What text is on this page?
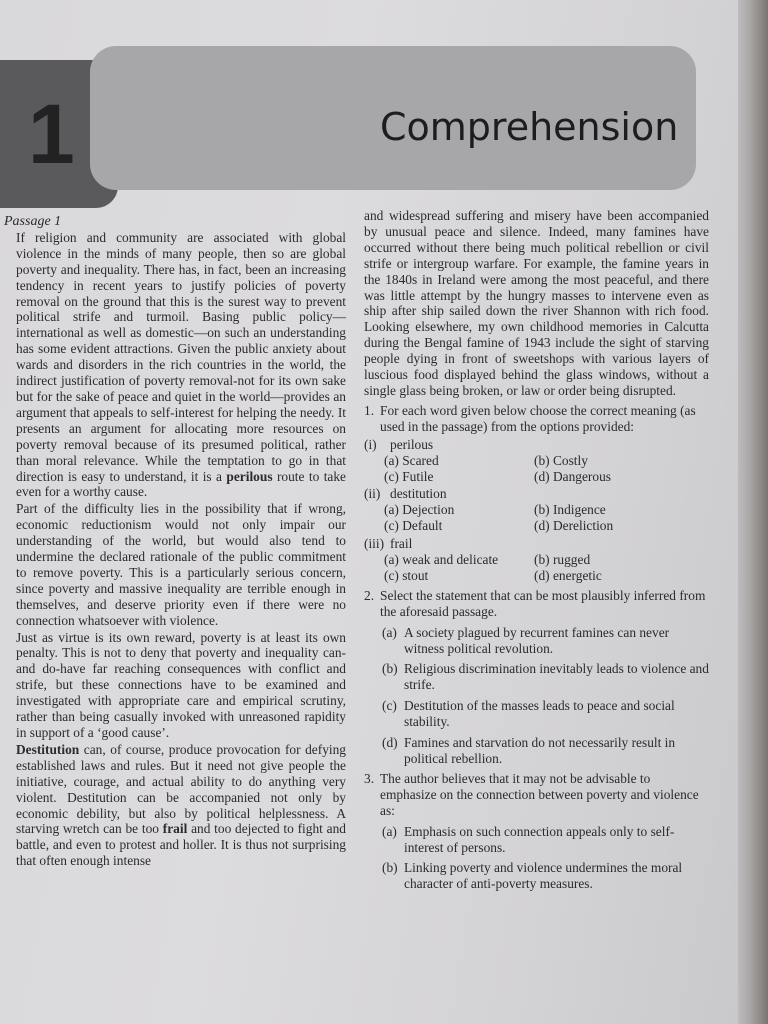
1	Comprehension
Passage 1

If religion and community are associated with global violence in the minds of many people, then so are global poverty and inequality. There has, in fact, been an increasing tendency in recent years to justify policies of poverty removal on the ground that this is the surest way to prevent political strife and turmoil. Basing public policy—international as well as domestic—on such an understanding has some evident attractions. Given the public anxiety about wards and disorders in the rich countries in the world, the indirect justification of poverty removal-not for its own sake but for the sake of peace and quiet in the world—provides an argument that appeals to self-interest for helping the needy. It presents an argument for allocating more resources on poverty removal because of its presumed political, rather than moral relevance. While the temptation to go in that direction is easy to understand, it is a perilous route to take even for a worthy cause.

Part of the difficulty lies in the possibility that if wrong, economic reductionism would not only impair our understanding of the world, but would also tend to undermine the declared rationale of the public commitment to remove poverty. This is a particularly serious concern, since poverty and massive inequality are terrible enough in themselves, and deserve priority even if there were no connection whatsoever with violence.

Just as virtue is its own reward, poverty is at least its own penalty. This is not to deny that poverty and inequality can-and do-have far reaching consequences with conflict and strife, but these connections have to be examined and investigated with appropriate care and empirical scrutiny, rather than being casually invoked with unreasoned rapidity in support of a ‘good cause’.

Destitution can, of course, produce provocation for defying established laws and rules. But it need not give people the initiative, courage, and actual ability to do anything very violent. Destitution can be accompanied not only by economic debility, but also by political helplessness. A starving wretch can be too frail and too dejected to fight and battle, and even to protest and holler. It is thus not surprising that often enough intense

and widespread suffering and misery have been accompanied by unusual peace and silence. Indeed, many famines have occurred without there being much political rebellion or civil strife or intergroup warfare. For example, the famine years in the 1840s in Ireland were among the most peaceful, and there was little attempt by the hungry masses to intervene even as ship after ship sailed down the river Shannon with rich food. Looking elsewhere, my own childhood memories in Calcutta during the Bengal famine of 1943 include the sight of starving people dying in front of sweetshops with various layers of luscious food displayed behind the glass windows, without a single glass being broken, or law or order being disrupted.

1. For each word given below choose the correct meaning (as used in the passage) from the options provided:
(i) perilous
(a) Scared	(b) Costly
(c) Futile	(d) Dangerous
(ii) destitution
(a) Dejection	(b) Indigence
(c) Default	(d) Dereliction
(iii) frail
(a) weak and delicate	(b) rugged
(c) stout	(d) energetic
2. Select the statement that can be most plausibly inferred from the aforesaid passage.
(a) A society plagued by recurrent famines can never witness political revolution.
(b) Religious discrimination inevitably leads to violence and strife.
(c) Destitution of the masses leads to peace and social stability.
(d) Famines and starvation do not necessarily result in political rebellion.
3. The author believes that it may not be advisable to emphasize on the connection between poverty and violence as:
(a) Emphasis on such connection appeals only to self-interest of persons.
(b) Linking poverty and violence undermines the moral character of anti-poverty measures.
